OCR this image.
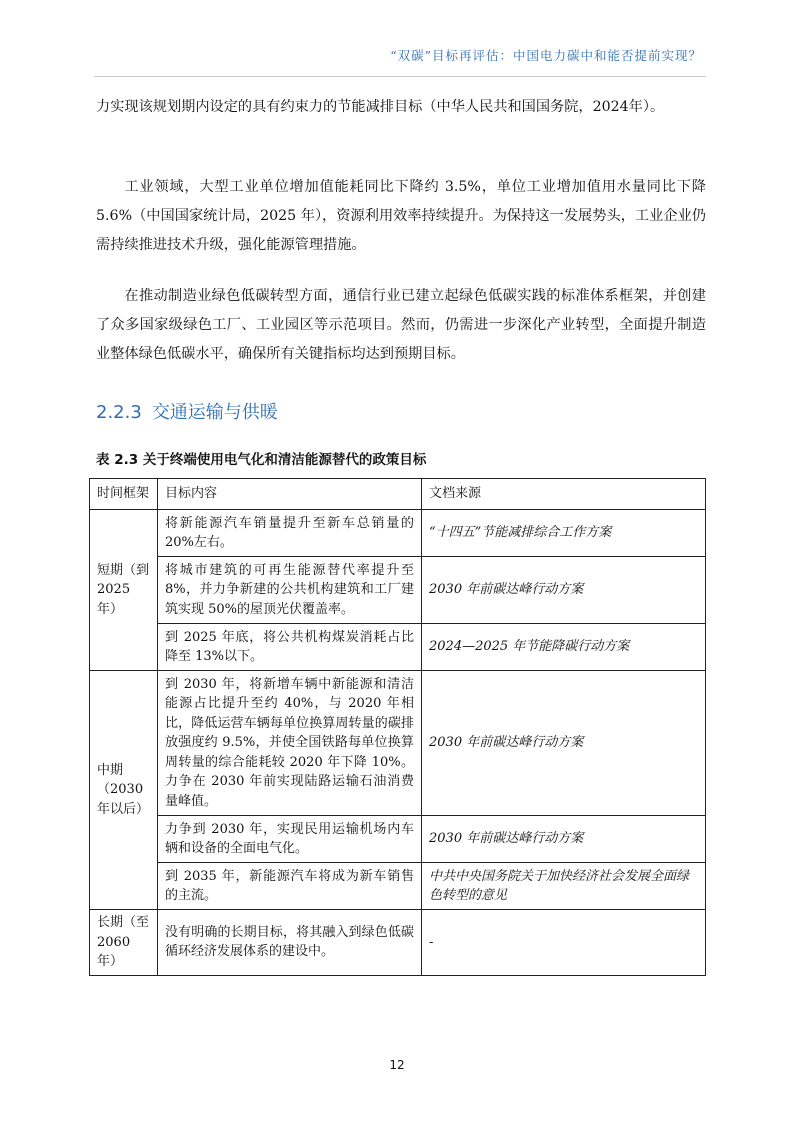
“双碳”目标再评估：中国电力碳中和能否提前实现？

力实现该规划期内设定的具有约束力的节能减排目标（中华人民共和国国务院，2024年）。

工业领域，大型工业单位增加值能耗同比下降约 3.5%，单位工业增加值用水量同比下降 5.6%（中国国家统计局，2025 年），资源利用效率持续提升。为保持这一发展势头，工业企业仍需持续推进技术升级，强化能源管理措施。

在推动制造业绿色低碳转型方面，通信行业已建立起绿色低碳实践的标准体系框架，并创建了众多国家级绿色工厂、工业园区等示范项目。然而，仍需进一步深化产业转型，全面提升制造业整体绿色低碳水平，确保所有关键指标均达到预期目标。

2.2.3 交通运输与供暖
表 2.3 关于终端使用电气化和清洁能源替代的政策目标
时间框架	目标内容	文档来源
短期（到 2025 年）	将新能源汽车销量提升至新车总销量的 20%左右。	“十四五”节能减排综合工作方案
	将城市建筑的可再生能源替代率提升至 8%，并力争新建的公共机构建筑和工厂建筑实现 50%的屋顶光伏覆盖率。	2030 年前碳达峰行动方案
	到 2025 年底，将公共机构煤炭消耗占比降至 13%以下。	2024—2025 年节能降碳行动方案
中期（2030 年以后）	到 2030 年，将新增车辆中新能源和清洁能源占比提升至约 40%，与 2020 年相比，降低运营车辆每单位换算周转量的碳排放强度约 9.5%，并使全国铁路每单位换算周转量的综合能耗较 2020 年下降 10%。力争在 2030 年前实现陆路运输石油消费量峰值。	2030 年前碳达峰行动方案
	力争到 2030 年，实现民用运输机场内车辆和设备的全面电气化。	2030 年前碳达峰行动方案
	到 2035 年，新能源汽车将成为新车销售的主流。	中共中央国务院关于加快经济社会发展全面绿色转型的意见
长期（至 2060 年）	没有明确的长期目标，将其融入到绿色低碳循环经济发展体系的建设中。	-
12
